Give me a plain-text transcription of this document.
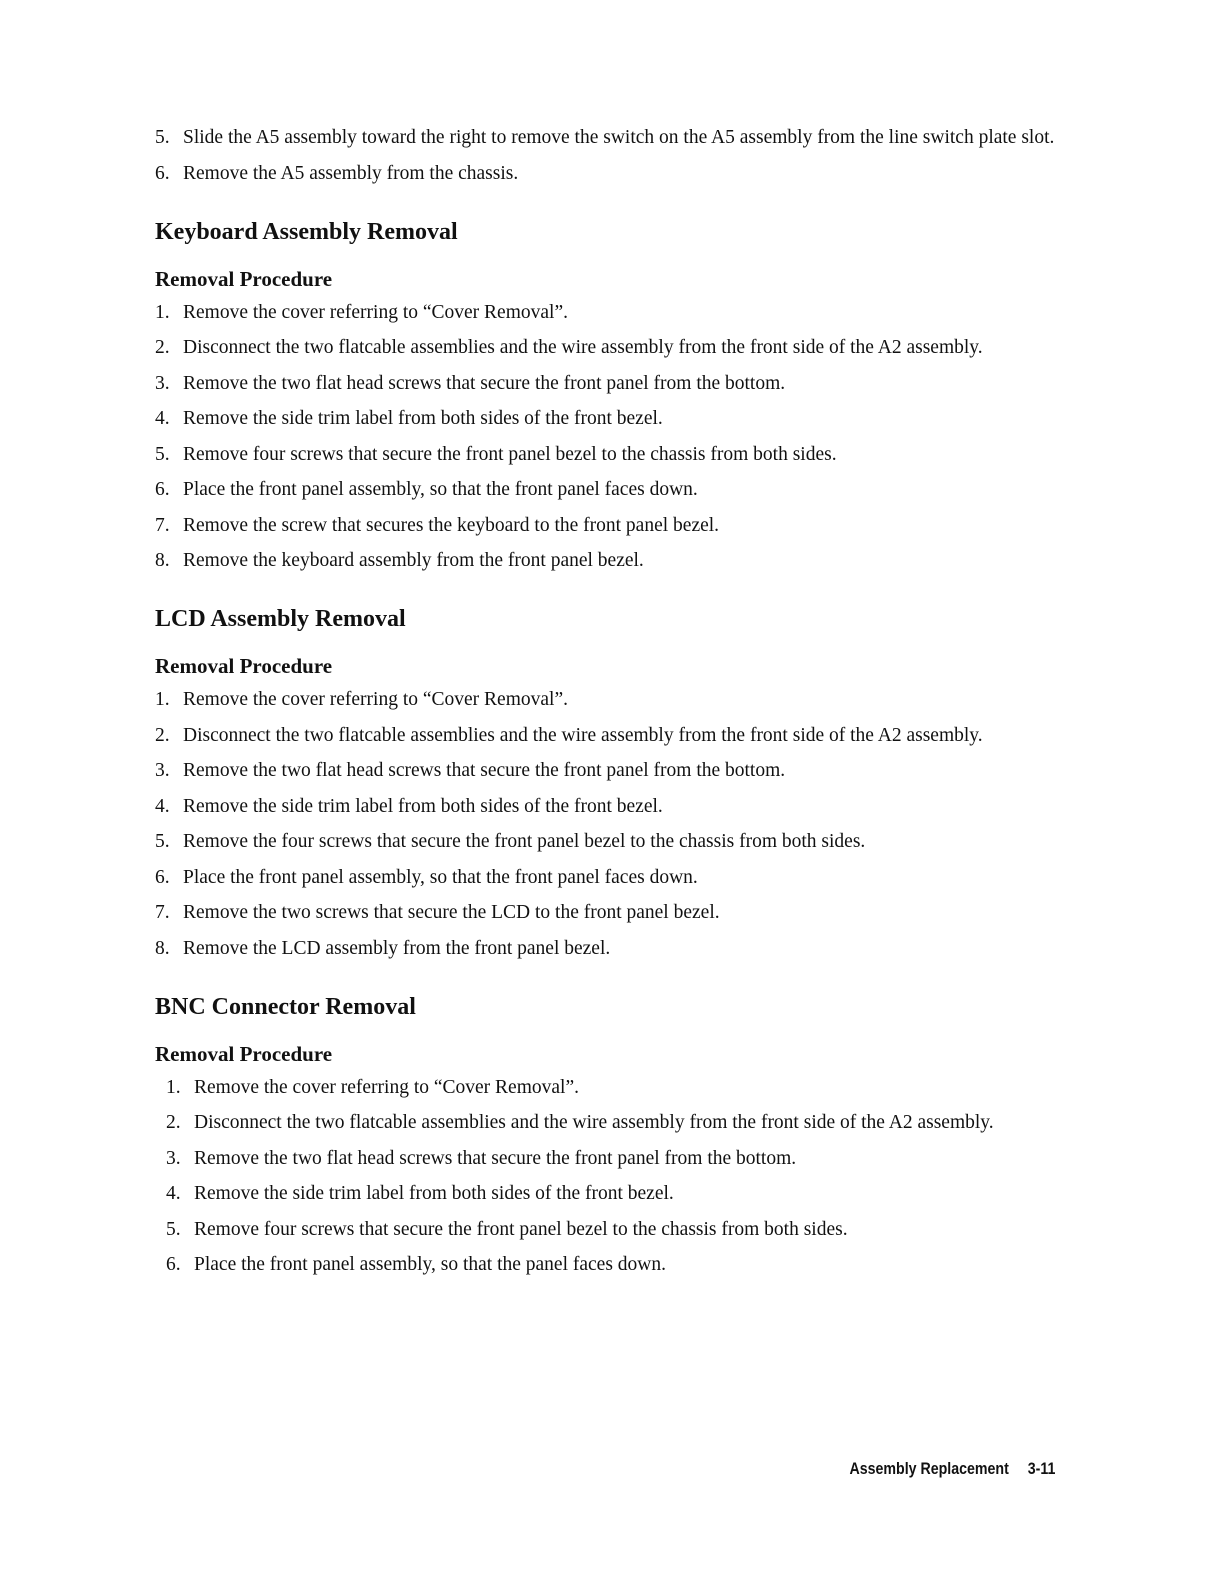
5. Slide the A5 assembly toward the right to remove the switch on the A5 assembly from the line switch plate slot.
6. Remove the A5 assembly from the chassis.
Keyboard Assembly Removal
Removal Procedure
1. Remove the cover referring to “Cover Removal”.
2. Disconnect the two flatcable assemblies and the wire assembly from the front side of the A2 assembly.
3. Remove the two flat head screws that secure the front panel from the bottom.
4. Remove the side trim label from both sides of the front bezel.
5. Remove four screws that secure the front panel bezel to the chassis from both sides.
6. Place the front panel assembly, so that the front panel faces down.
7. Remove the screw that secures the keyboard to the front panel bezel.
8. Remove the keyboard assembly from the front panel bezel.
LCD Assembly Removal
Removal Procedure
1. Remove the cover referring to “Cover Removal”.
2. Disconnect the two flatcable assemblies and the wire assembly from the front side of the A2 assembly.
3. Remove the two flat head screws that secure the front panel from the bottom.
4. Remove the side trim label from both sides of the front bezel.
5. Remove the four screws that secure the front panel bezel to the chassis from both sides.
6. Place the front panel assembly, so that the front panel faces down.
7. Remove the two screws that secure the LCD to the front panel bezel.
8. Remove the LCD assembly from the front panel bezel.
BNC Connector Removal
Removal Procedure
1. Remove the cover referring to “Cover Removal”.
2. Disconnect the two flatcable assemblies and the wire assembly from the front side of the A2 assembly.
3. Remove the two flat head screws that secure the front panel from the bottom.
4. Remove the side trim label from both sides of the front bezel.
5. Remove four screws that secure the front panel bezel to the chassis from both sides.
6. Place the front panel assembly, so that the panel faces down.
Assembly Replacement 3-11
